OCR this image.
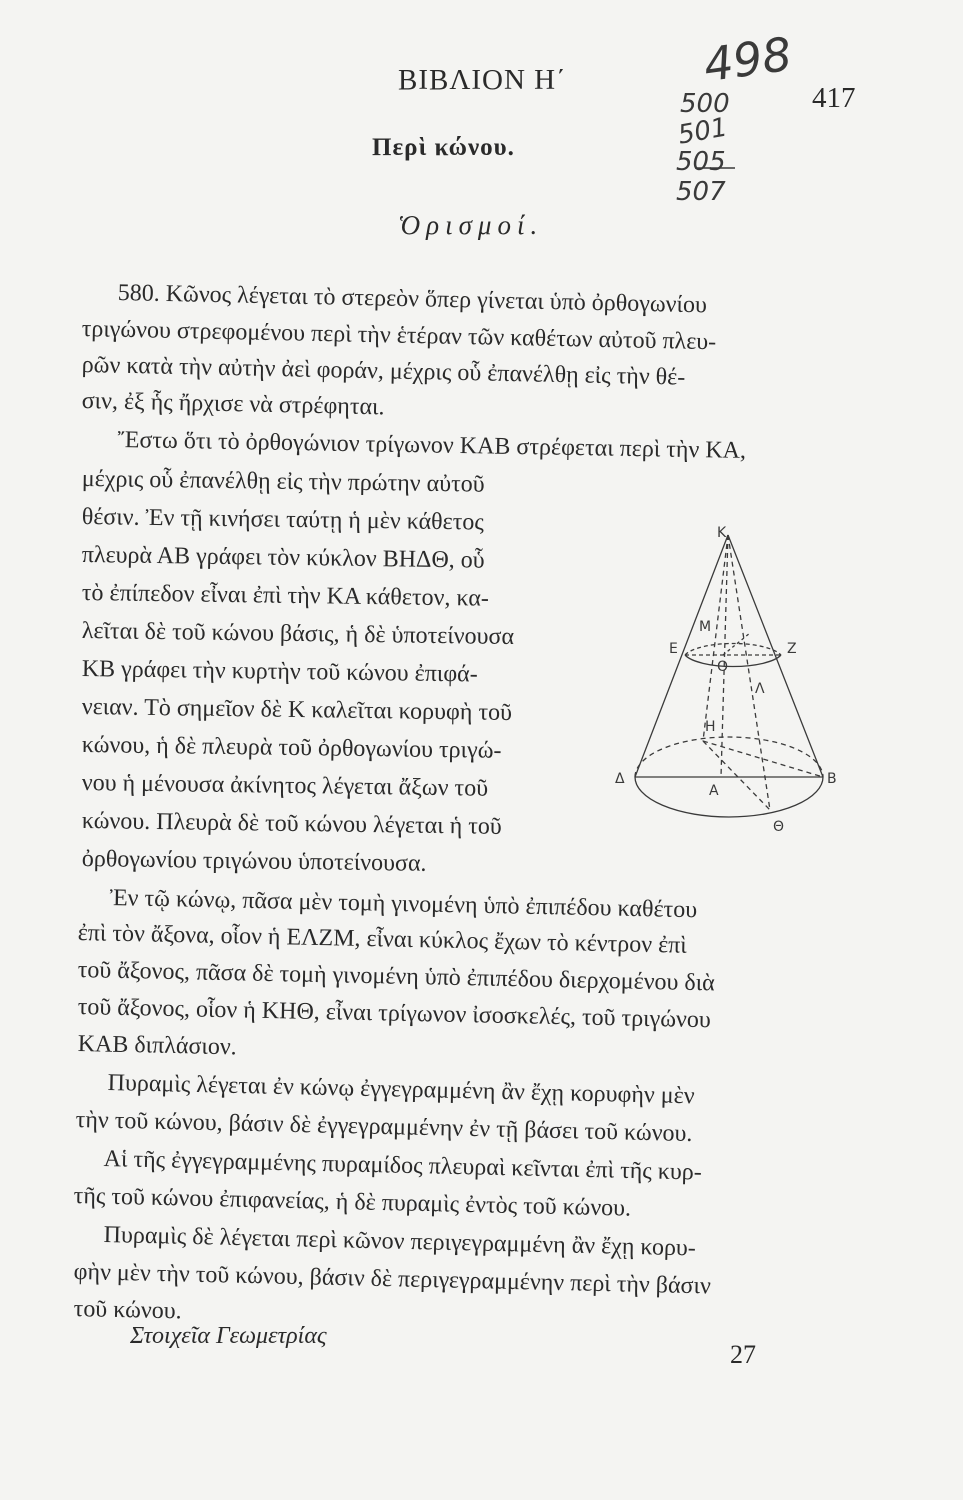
ΒΙΒΛΙΟΝ Η΄
417
498
500
501
505
507
Περὶ κώνου.
Ὁρισμοί.
580. Κῶνος λέγεται τὸ στερεὸν ὅπερ γίνεται ὑπὸ ὀρθογωνίου
τριγώνου στρεφομένου περὶ τὴν ἑτέραν τῶν καθέτων αὐτοῦ πλευ-
ρῶν κατὰ τὴν αὐτὴν ἀεὶ φοράν, μέχρις οὗ ἐπανέλθῃ εἰς τὴν θέ-
σιν, ἐξ ἧς ἤρχισε νὰ στρέφηται.
Ἔστω ὅτι τὸ ὀρθογώνιον τρίγωνον ΚΑΒ στρέφεται περὶ τὴν ΚΑ,
μέχρις οὗ ἐπανέλθῃ εἰς τὴν πρώτην αὐτοῦ
θέσιν. Ἐν τῇ κινήσει ταύτῃ ἡ μὲν κάθετος
πλευρὰ ΑΒ γράφει τὸν κύκλον ΒΗΔΘ, οὗ
τὸ ἐπίπεδον εἶναι ἐπὶ τὴν ΚΑ κάθετον, κα-
λεῖται δὲ τοῦ κώνου βάσις, ἡ δὲ ὑποτείνουσα
ΚΒ γράφει τὴν κυρτὴν τοῦ κώνου ἐπιφά-
νειαν. Τὸ σημεῖον δὲ Κ καλεῖται κορυφὴ τοῦ
κώνου, ἡ δὲ πλευρὰ τοῦ ὀρθογωνίου τριγώ-
νου ἡ μένουσα ἀκίνητος λέγεται ἄξων τοῦ
κώνου. Πλευρὰ δὲ τοῦ κώνου λέγεται ἡ τοῦ
ὀρθογωνίου τριγώνου ὑποτείνουσα.
Ἐν τῷ κώνῳ, πᾶσα μὲν τομὴ γινομένη ὑπὸ ἐπιπέδου καθέτου
ἐπὶ τὸν ἄξονα, οἷον ἡ ΕΛΖΜ, εἶναι κύκλος ἔχων τὸ κέντρον ἐπὶ
τοῦ ἄξονος, πᾶσα δὲ τομὴ γινομένη ὑπὸ ἐπιπέδου διερχομένου διὰ
τοῦ ἄξονος, οἷον ἡ ΚΗΘ, εἶναι τρίγωνον ἰσοσκελές, τοῦ τριγώνου
ΚΑΒ διπλάσιον.
Πυραμὶς λέγεται ἐν κώνῳ ἐγγεγραμμένη ἂν ἔχῃ κορυφὴν μὲν
τὴν τοῦ κώνου, βάσιν δὲ ἐγγεγραμμένην ἐν τῇ βάσει τοῦ κώνου.
Αἱ τῆς ἐγγεγραμμένης πυραμίδος πλευραὶ κεῖνται ἐπὶ τῆς κυρ-
τῆς τοῦ κώνου ἐπιφανείας, ἡ δὲ πυραμὶς ἐντὸς τοῦ κώνου.
Πυραμὶς δὲ λέγεται περὶ κῶνον περιγεγραμμένη ἂν ἔχῃ κορυ-
φὴν μὲν τὴν τοῦ κώνου, βάσιν δὲ περιγεγραμμένην περὶ τὴν βάσιν
τοῦ κώνου.
Κ
Ε	Ζ
Μ
Ο
Λ
Η
Δ
Α
Β
Θ
Στοιχεῖα Γεωμετρίας
27
